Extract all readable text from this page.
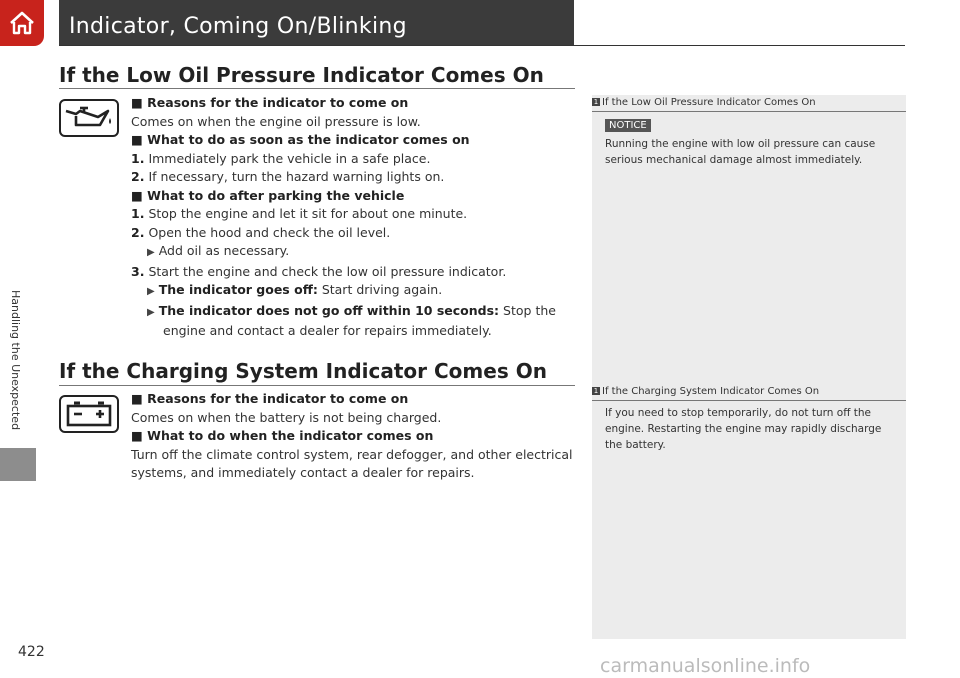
Handling the Unexpected
Indicator, Coming On/Blinking
If the Low Oil Pressure Indicator Comes On
■ Reasons for the indicator to come on
Comes on when the engine oil pressure is low.
■ What to do as soon as the indicator comes on
1. Immediately park the vehicle in a safe place.
2. If necessary, turn the hazard warning lights on.
■ What to do after parking the vehicle
1. Stop the engine and let it sit for about one minute.
2. Open the hood and check the oil level.
▶ Add oil as necessary.
3. Start the engine and check the low oil pressure indicator.
▶ The indicator goes off: Start driving again.
▶ The indicator does not go off within 10 seconds: Stop the
engine and contact a dealer for repairs immediately.
If the Charging System Indicator Comes On
■ Reasons for the indicator to come on
Comes on when the battery is not being charged.
■ What to do when the indicator comes on
Turn off the climate control system, rear defogger, and other electrical
systems, and immediately contact a dealer for repairs.
1 If the Low Oil Pressure Indicator Comes On
NOTICE
Running the engine with low oil pressure can cause
serious mechanical damage almost immediately.
1 If the Charging System Indicator Comes On
If you need to stop temporarily, do not turn off the
engine. Restarting the engine may rapidly discharge
the battery.
422
carmanualsonline.info
